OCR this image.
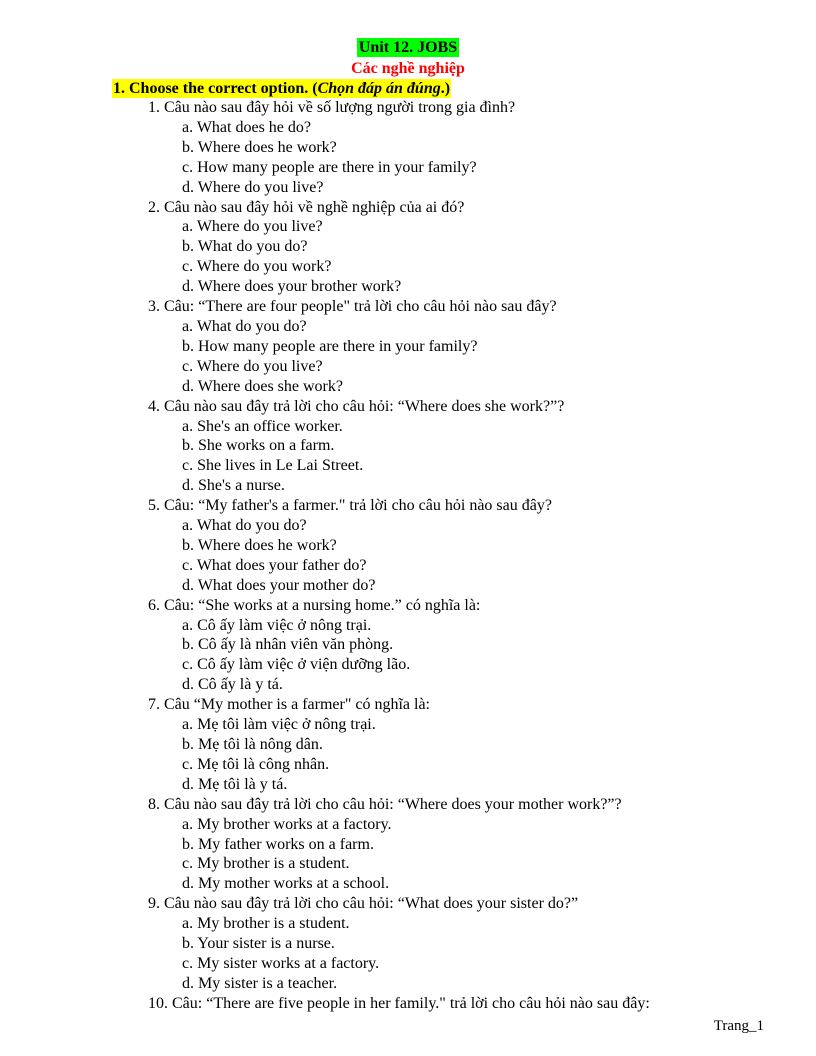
Unit 12. JOBS
Các nghề nghiệp
1. Choose the correct option. (Chọn đáp án đúng.)

1. Câu nào sau đây hỏi về số lượng người trong gia đình?

a. What does he do?

b. Where does he work?

c. How many people are there in your family?

d. Where do you live?

2. Câu nào sau đây hỏi về nghề nghiệp của ai đó?

a. Where do you live?

b. What do you do?

c. Where do you work?

d. Where does your brother work?

3. Câu: “There are four people" trả lời cho câu hỏi nào sau đây?

a. What do you do?

b. How many people are there in your family?

c. Where do you live?

d. Where does she work?

4. Câu nào sau đây trả lời cho câu hỏi: “Where does she work?”?

a. She's an office worker.

b. She works on a farm.

c. She lives in Le Lai Street.

d. She's a nurse.

5. Câu: “My father's a farmer." trả lời cho câu hỏi nào sau đây?

a. What do you do?

b. Where does he work?

c. What does your father do?

d. What does your mother do?

6. Câu: “She works at a nursing home.” có nghĩa là:

a. Cô ấy làm việc ở nông trại.

b. Cô ấy là nhân viên văn phòng.

c. Cô ấy làm việc ở viện dưỡng lão.

d. Cô ấy là y tá.

7. Câu “My mother is a farmer" có nghĩa là:

a. Mẹ tôi làm việc ở nông trại.

b. Mẹ tôi là nông dân.

c. Mẹ tôi là công nhân.

d. Mẹ tôi là y tá.

8. Câu nào sau đây trả lời cho câu hỏi: “Where does your mother work?”?

a. My brother works at a factory.

b. My father works on a farm.

c. My brother is a student.

d. My mother works at a school.

9. Câu nào sau đây trả lời cho câu hỏi: “What does your sister do?”

a. My brother is a student.

b. Your sister is a nurse.

c. My sister works at a factory.

d. My sister is a teacher.

10. Câu: “There are five people in her family." trả lời cho câu hỏi nào sau đây:

Trang_1
